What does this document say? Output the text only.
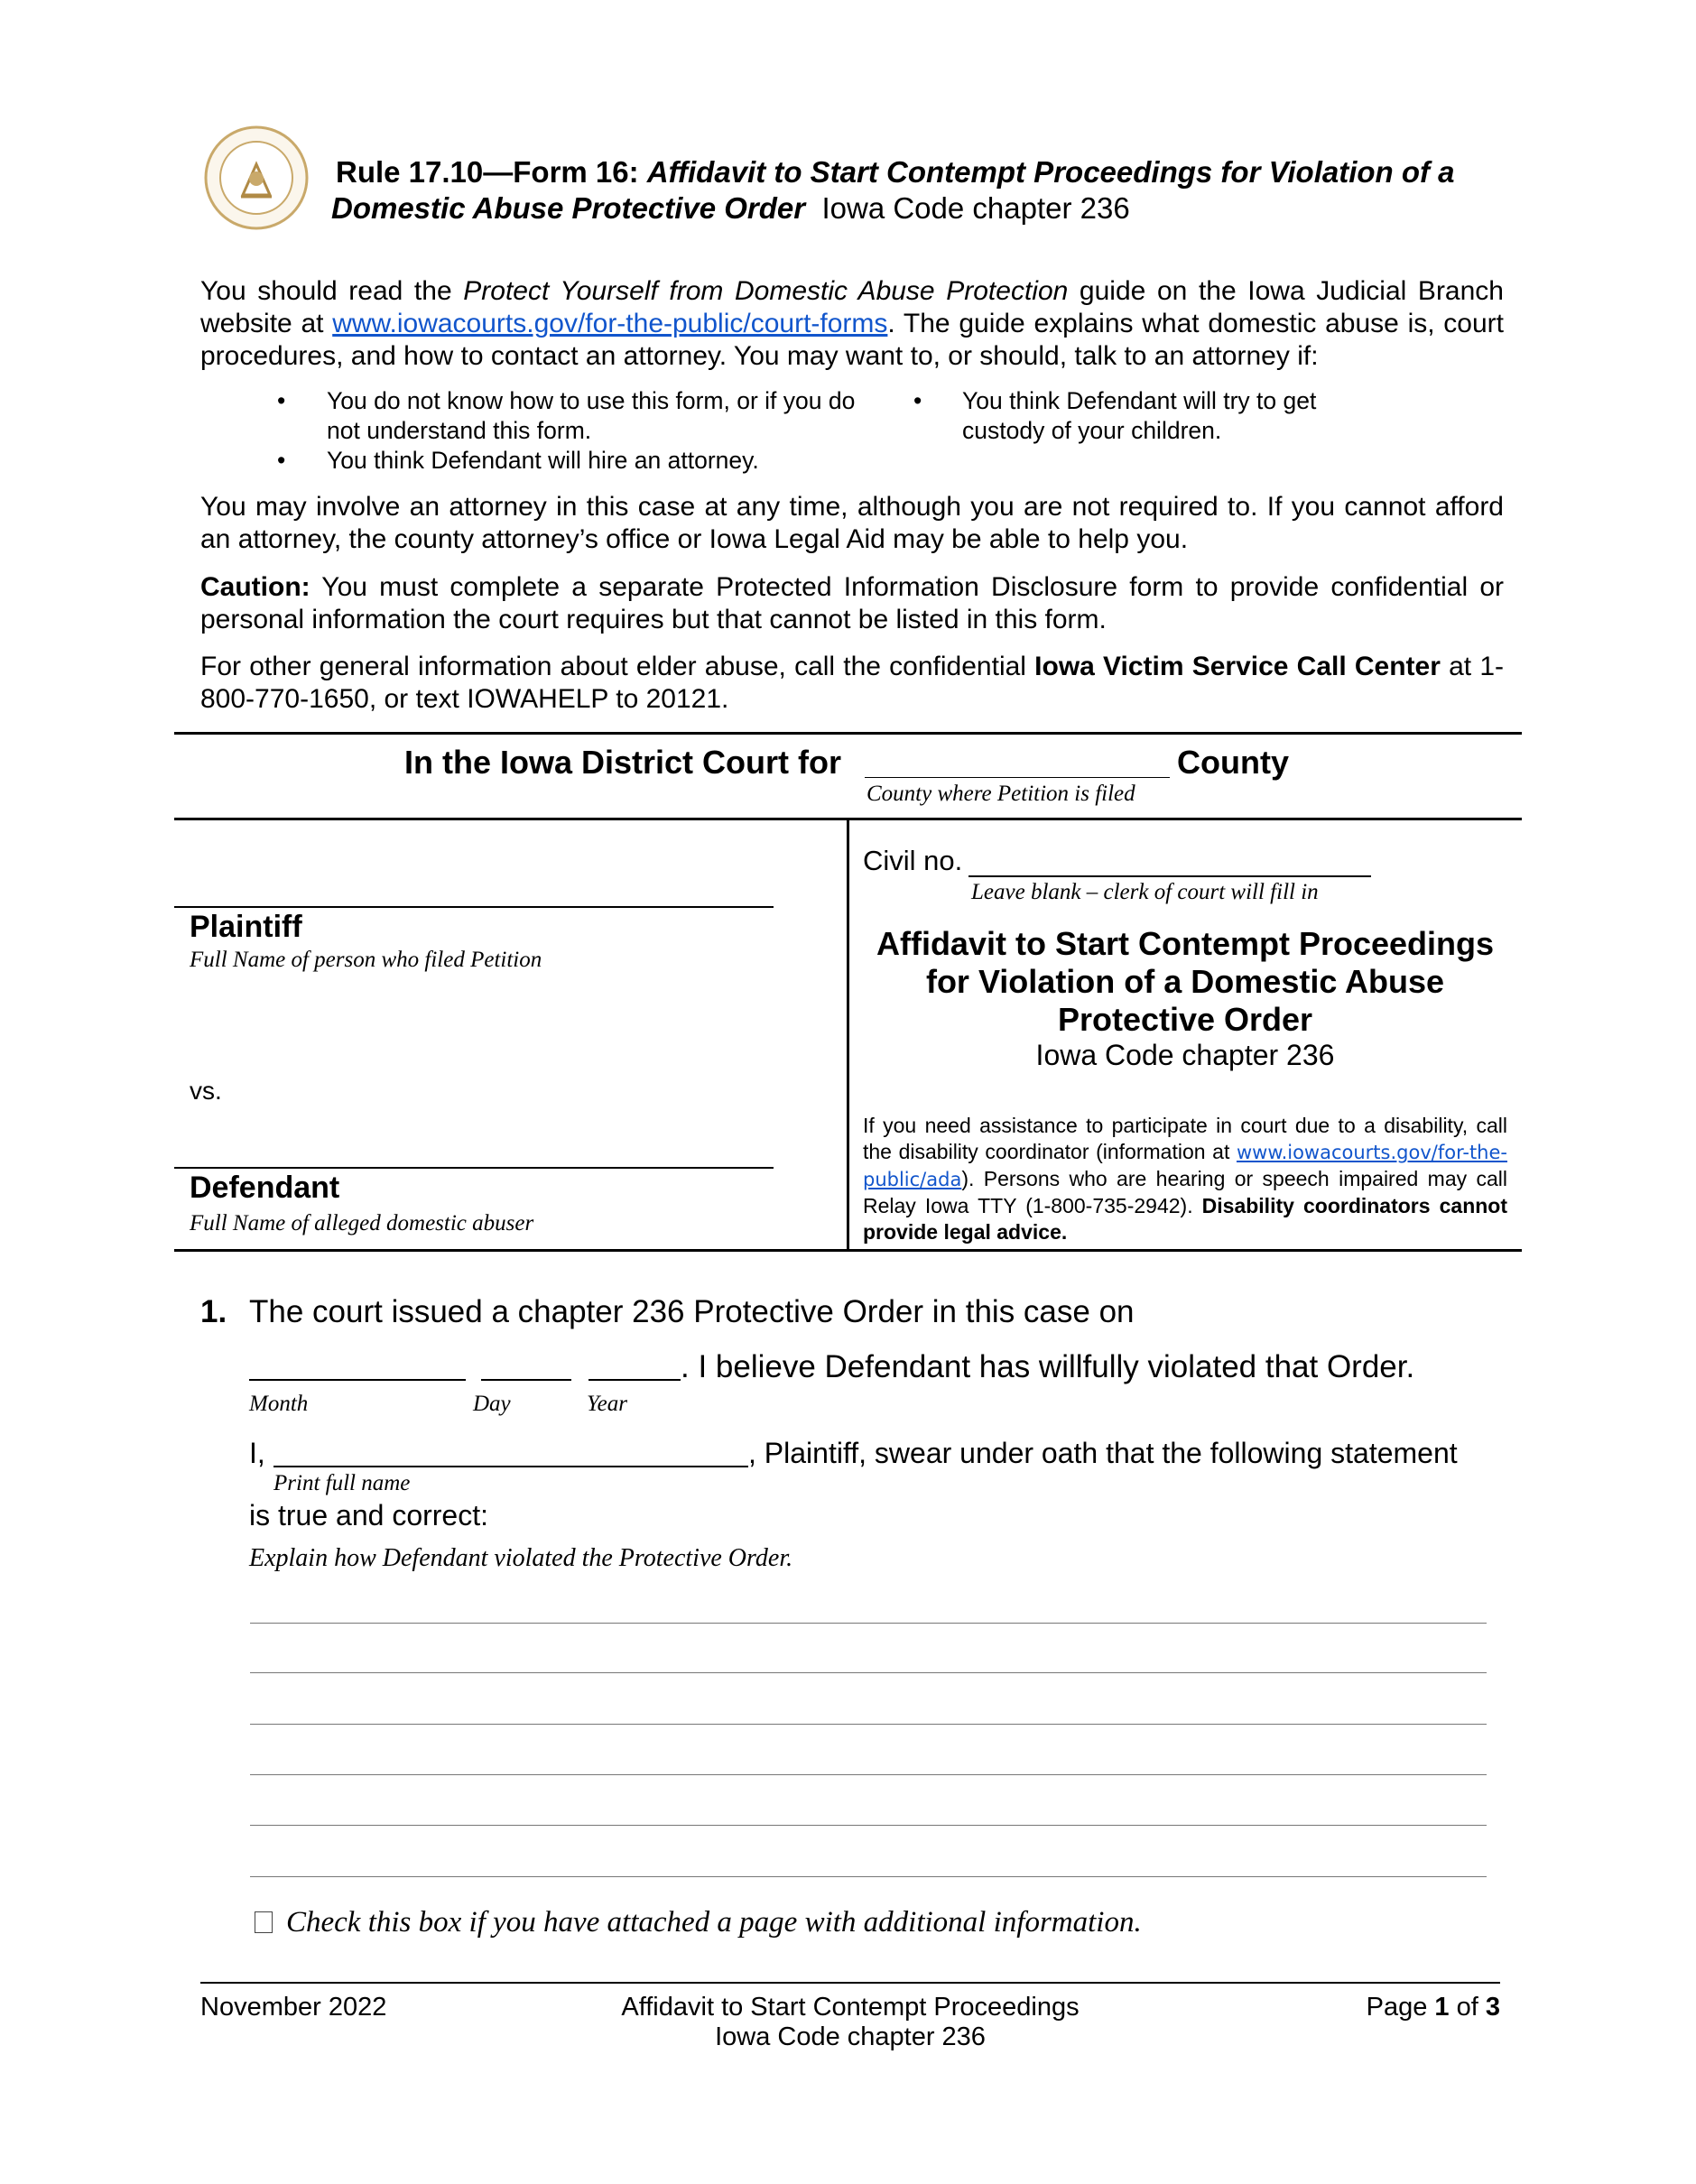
Rule 17.10—Form 16: Affidavit to Start Contempt Proceedings for Violation of a
Domestic Abuse Protective Order Iowa Code chapter 236
You should read the Protect Yourself from Domestic Abuse Protection guide on the Iowa Judicial Branch website at www.iowacourts.gov/for-the-public/court-forms. The guide explains what domestic abuse is, court procedures, and how to contact an attorney. You may want to, or should, talk to an attorney if:
• You do not know how to use this form, or if you do not understand this form.
• You think Defendant will hire an attorney.
• You think Defendant will try to get custody of your children.
You may involve an attorney in this case at any time, although you are not required to. If you cannot afford an attorney, the county attorney’s office or Iowa Legal Aid may be able to help you.
Caution: You must complete a separate Protected Information Disclosure form to provide confidential or personal information the court requires but that cannot be listed in this form.
For other general information about elder abuse, call the confidential Iowa Victim Service Call Center at 1-800-770-1650, or text IOWAHELP to 20121.
In the Iowa District Court for	County
County where Petition is filed
Plaintiff
Full Name of person who filed Petition
vs.
Defendant
Full Name of alleged domestic abuser
Civil no.
Leave blank – clerk of court will fill in
Affidavit to Start Contempt Proceedings
for Violation of a Domestic Abuse
Protective Order
Iowa Code chapter 236
If you need assistance to participate in court due to a disability, call the disability coordinator (information at www.iowacourts.gov/for-the-public/ada). Persons who are hearing or speech impaired may call Relay Iowa TTY (1-800-735-2942). Disability coordinators cannot provide legal advice.
1. The court issued a chapter 236 Protective Order in this case on
. I believe Defendant has willfully violated that Order.
Month	Day	Year
I,	, Plaintiff, swear under oath that the following statement
Print full name
is true and correct:
Explain how Defendant violated the Protective Order.
Check this box if you have attached a page with additional information.
November 2022	Affidavit to Start Contempt Proceedings
Iowa Code chapter 236
Page 1 of 3
